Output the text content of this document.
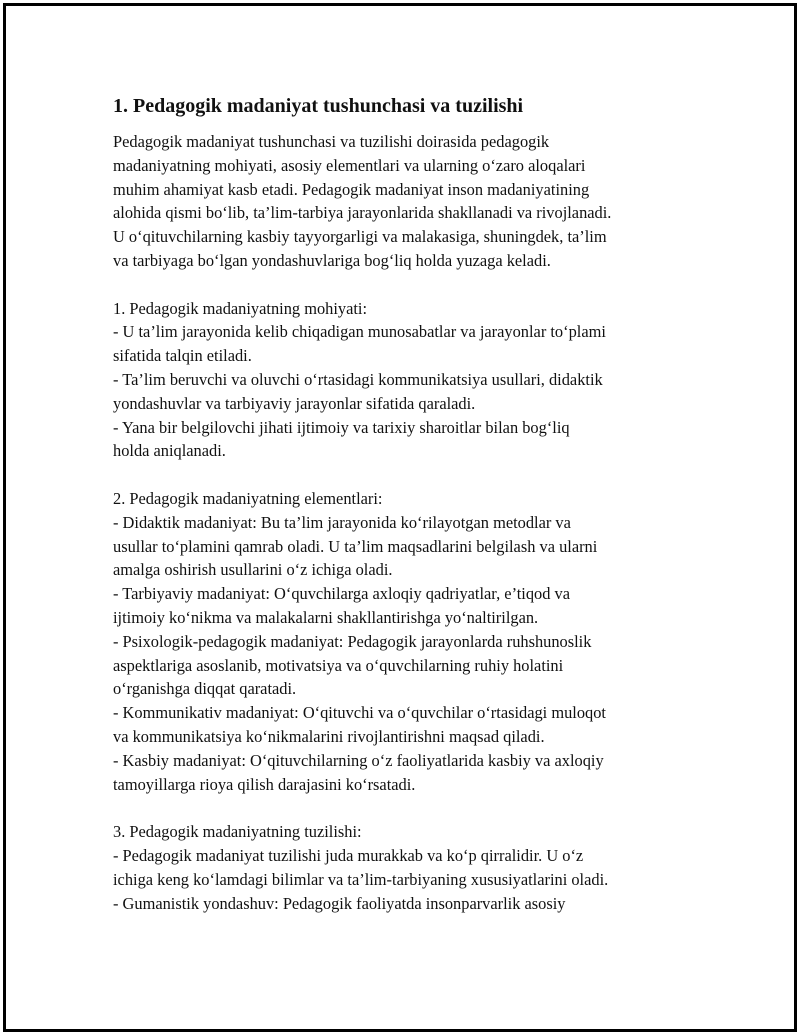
1. Pedagogik madaniyat tushunchasi va tuzilishi
Pedagogik madaniyat tushunchasi va tuzilishi doirasida pedagogik
madaniyatning mohiyati, asosiy elementlari va ularning o‘zaro aloqalari
muhim ahamiyat kasb etadi. Pedagogik madaniyat inson madaniyatining
alohida qismi bo‘lib, ta’lim-tarbiya jarayonlarida shakllanadi va rivojlanadi.
U o‘qituvchilarning kasbiy tayyorgarligi va malakasiga, shuningdek, ta’lim
va tarbiyaga bo‘lgan yondashuvlariga bog‘liq holda yuzaga keladi.
1. Pedagogik madaniyatning mohiyati:
- U ta’lim jarayonida kelib chiqadigan munosabatlar va jarayonlar to‘plami
sifatida talqin etiladi.
- Ta’lim beruvchi va oluvchi o‘rtasidagi kommunikatsiya usullari, didaktik
yondashuvlar va tarbiyaviy jarayonlar sifatida qaraladi.
- Yana bir belgilovchi jihati ijtimoiy va tarixiy sharoitlar bilan bog‘liq
holda aniqlanadi.
2. Pedagogik madaniyatning elementlari:
- Didaktik madaniyat: Bu ta’lim jarayonida ko‘rilayotgan metodlar va
usullar to‘plamini qamrab oladi. U ta’lim maqsadlarini belgilash va ularni
amalga oshirish usullarini o‘z ichiga oladi.
- Tarbiyaviy madaniyat: O‘quvchilarga axloqiy qadriyatlar, e’tiqod va
ijtimoiy ko‘nikma va malakalarni shakllantirishga yo‘naltirilgan.
- Psixologik-pedagogik madaniyat: Pedagogik jarayonlarda ruhshunoslik
aspektlariga asoslanib, motivatsiya va o‘quvchilarning ruhiy holatini
o‘rganishga diqqat qaratadi.
- Kommunikativ madaniyat: O‘qituvchi va o‘quvchilar o‘rtasidagi muloqot
va kommunikatsiya ko‘nikmalarini rivojlantirishni maqsad qiladi.
- Kasbiy madaniyat: O‘qituvchilarning o‘z faoliyatlarida kasbiy va axloqiy
tamoyillarga rioya qilish darajasini ko‘rsatadi.
3. Pedagogik madaniyatning tuzilishi:
- Pedagogik madaniyat tuzilishi juda murakkab va ko‘p qirralidir. U o‘z
ichiga keng ko‘lamdagi bilimlar va ta’lim-tarbiyaning xususiyatlarini oladi.
- Gumanistik yondashuv: Pedagogik faoliyatda insonparvarlik asosiy
